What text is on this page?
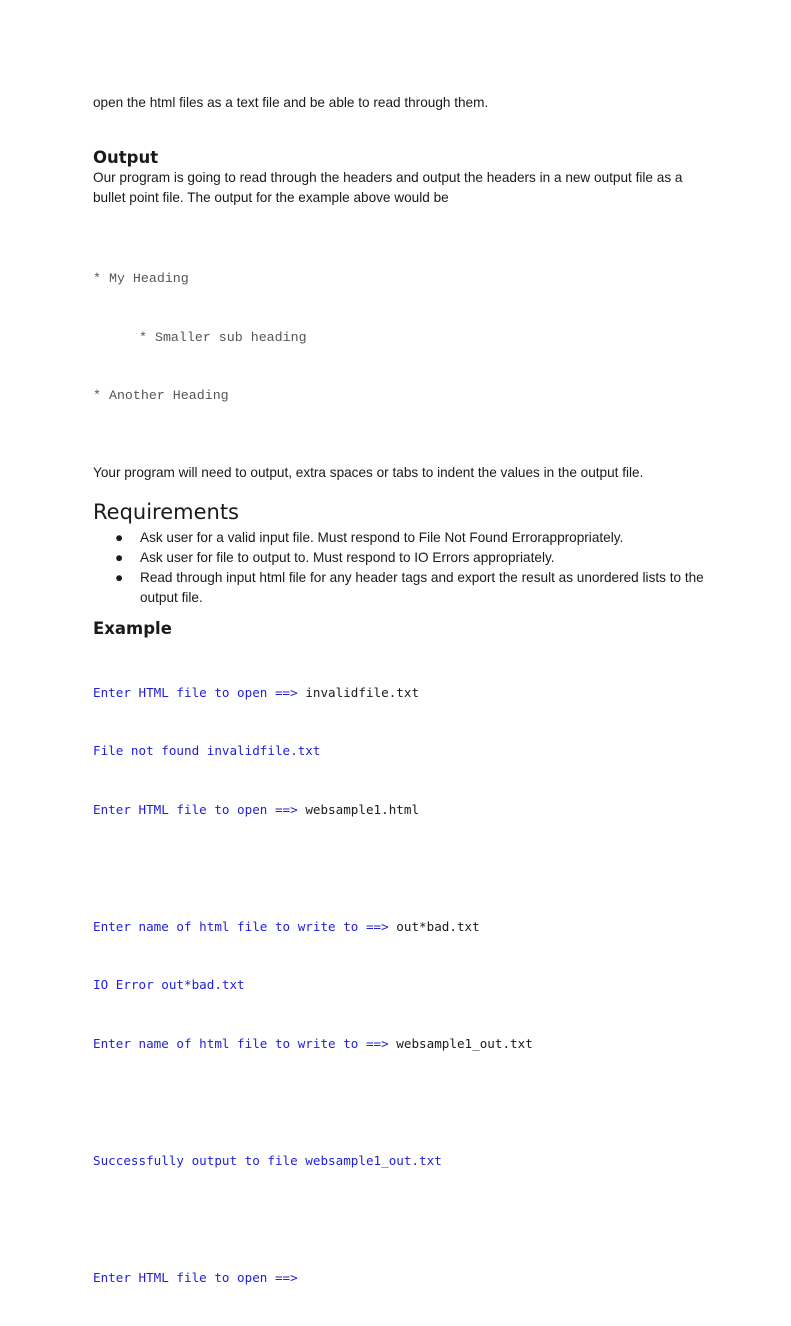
open the html files as a text file and be able to read through them.

Output

Our program is going to read through the headers and output the headers in a new output file as a bullet point file. The output for the example above would be

* My Heading

* Smaller sub heading

* Another Heading

Your program will need to output, extra spaces or tabs to indent the values in the output file.

Requirements
● Ask user for a valid input file. Must respond to File Not Found Errorappropriately.
● Ask user for file to output to. Must respond to IO Errors appropriately.
● Read through input html file for any header tags and export the result as unordered lists to the output file.
Example

Enter HTML file to open ==> invalidfile.txt

File not found invalidfile.txt

Enter HTML file to open ==> websample1.html

Enter name of html file to write to ==> out*bad.txt

IO Error out*bad.txt

Enter name of html file to write to ==> websample1_out.txt

Successfully output to file websample1_out.txt

Enter HTML file to open ==>
